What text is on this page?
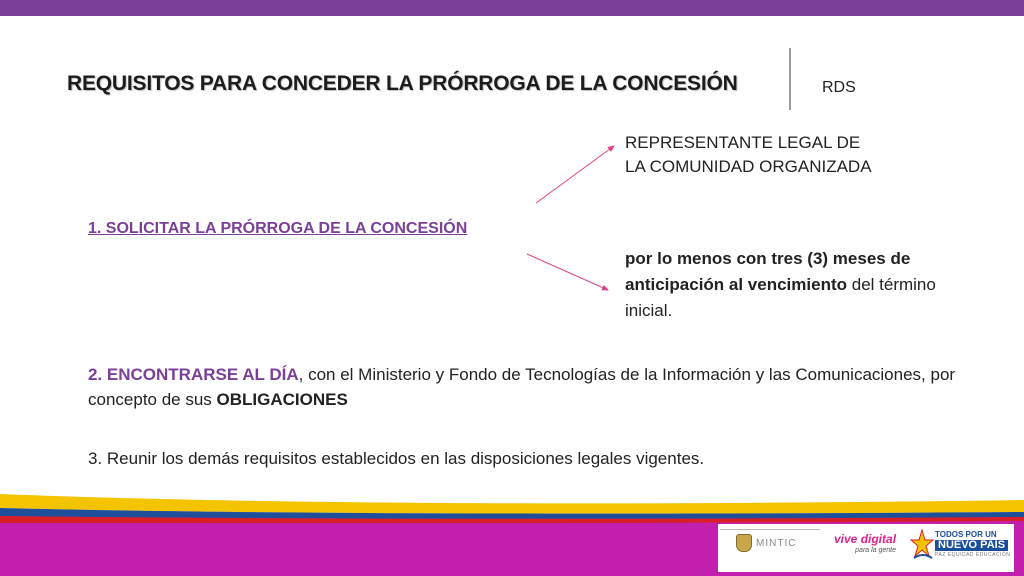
REQUISITOS PARA CONCEDER LA PRÓRROGA DE LA CONCESIÓN	RDS
REPRESENTANTE LEGAL DE
LA COMUNIDAD ORGANIZADA
1. SOLICITAR LA PRÓRROGA DE LA CONCESIÓN
por lo menos con tres (3) meses de anticipación al vencimiento del término inicial.
2. ENCONTRARSE AL DÍA, con el Ministerio y Fondo de Tecnologías de la Información y las Comunicaciones, por concepto de sus OBLIGACIONES
3. Reunir los demás requisitos establecidos en las disposiciones legales vigentes.
MINTIC	vive digital
para la gente
TODOS POR UN
NUEVO PAÍS
PAZ EQUIDAD EDUCACIÓN
